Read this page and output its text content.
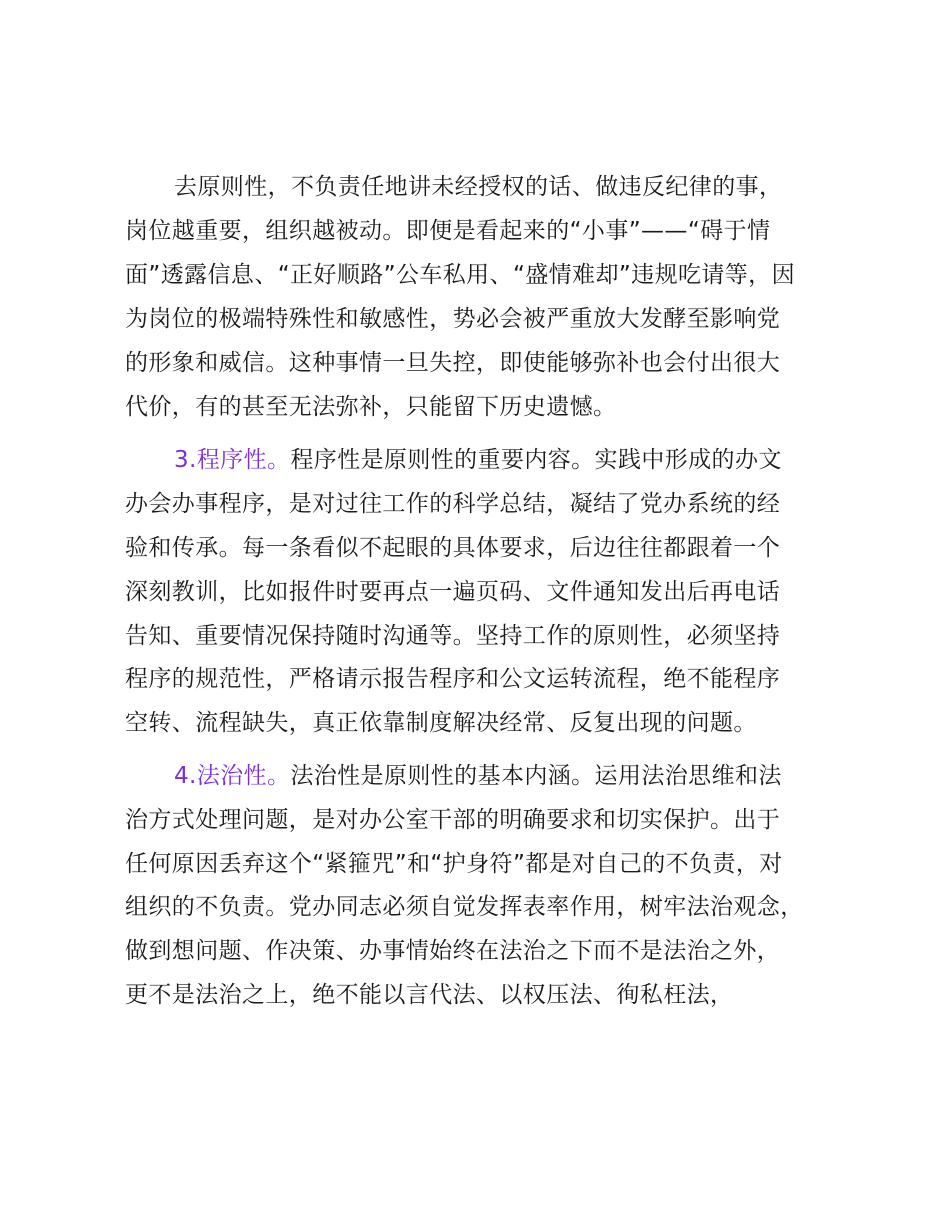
去原则性，不负责任地讲未经授权的话、做违反纪律的事，
岗位越重要，组织越被动。即便是看起来的“小事”——“碍于情
面”透露信息、“正好顺路”公车私用、“盛情难却”违规吃请等，因
为岗位的极端特殊性和敏感性，势必会被严重放大发酵至影响党
的形象和威信。这种事情一旦失控，即使能够弥补也会付出很大
代价，有的甚至无法弥补，只能留下历史遗憾。
3.程序性。程序性是原则性的重要内容。实践中形成的办文
办会办事程序，是对过往工作的科学总结，凝结了党办系统的经
验和传承。每一条看似不起眼的具体要求，后边往往都跟着一个
深刻教训，比如报件时要再点一遍页码、文件通知发出后再电话
告知、重要情况保持随时沟通等。坚持工作的原则性，必须坚持
程序的规范性，严格请示报告程序和公文运转流程，绝不能程序
空转、流程缺失，真正依靠制度解决经常、反复出现的问题。
4.法治性。法治性是原则性的基本内涵。运用法治思维和法
治方式处理问题，是对办公室干部的明确要求和切实保护。出于
任何原因丢弃这个“紧箍咒”和“护身符”都是对自己的不负责，对
组织的不负责。党办同志必须自觉发挥表率作用，树牢法治观念，
做到想问题、作决策、办事情始终在法治之下而不是法治之外，
更不是法治之上，绝不能以言代法、以权压法、徇私枉法，
